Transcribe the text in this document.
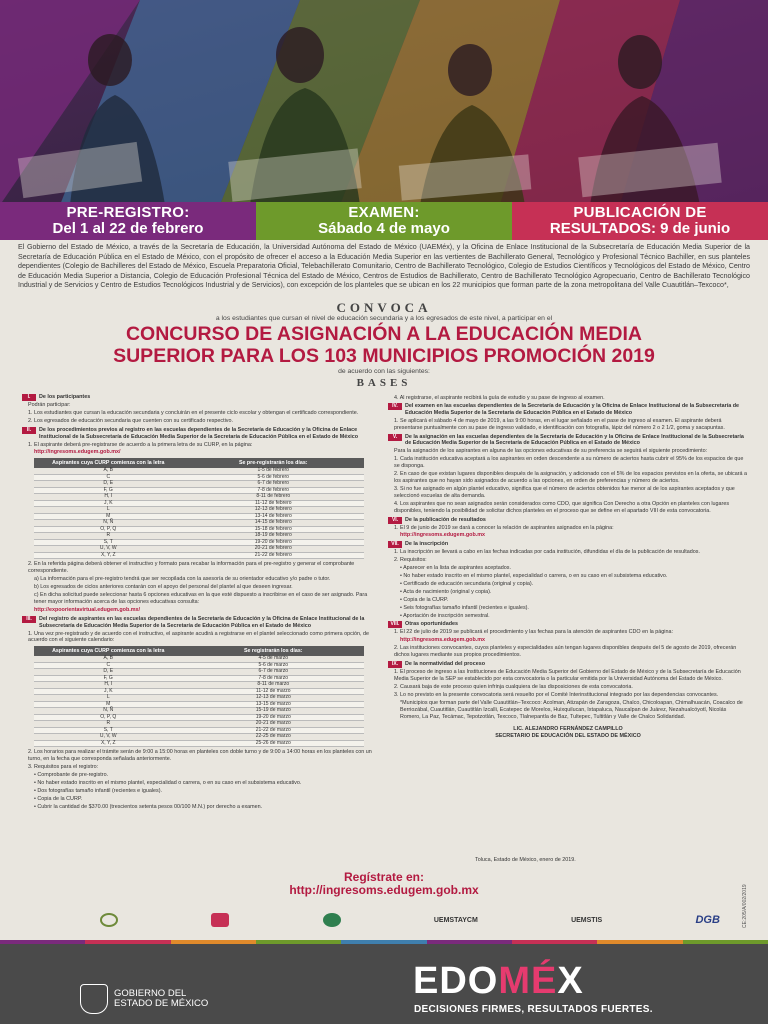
PRE-REGISTRO:
Del 1 al 22 de febrero
EXAMEN:
Sábado 4 de mayo
PUBLICACIÓN DE
RESULTADOS: 9 de junio

El Gobierno del Estado de México, a través de la Secretaría de Educación, la Universidad Autónoma del Estado de México (UAEMéx), y la Oficina de Enlace Institucional de la Subsecretaría de Educación Media Superior de la Secretaría de Educación Pública en el Estado de México, con el propósito de ofrecer el acceso a la Educación Media Superior en las vertientes de Bachillerato General, Tecnológico y Profesional Técnico Bachiller, en sus planteles dependientes (Colegio de Bachilleres del Estado de México, Escuela Preparatoria Oficial, Telebachillerato Comunitario, Centro de Bachillerato Tecnológico, Colegio de Estudios Científicos y Tecnológicos del Estado de México, Centro de Educación Media Superior a Distancia, Colegio de Educación Profesional Técnica del Estado de México, Centros de Estudios de Bachillerato, Centro de Bachillerato Tecnológico Agropecuario, Centro de Bachillerato Tecnológico Industrial y de Servicios y Centro de Estudios Tecnológicos Industrial y de Servicios), con excepción de los planteles que se ubican en los 22 municipios que forman parte de la zona metropolitana del Valle Cuautitlán–Texcoco*,

CONVOCA
a los estudiantes que cursan el nivel de educación secundaria y a los egresados de este nivel, a participar en el
CONCURSO DE ASIGNACIÓN A LA EDUCACIÓN MEDIA
SUPERIOR PARA LOS 103 MUNICIPIOS PROMOCIÓN 2019
de acuerdo con las siguientes:
BASES
I.	De los participantes
Podrán participar:
1. Los estudiantes que cursan la educación secundaria y concluirán en el presente ciclo escolar y obtengan el certificado correspondiente.
2. Los egresados de educación secundaria que cuenten con su certificado respectivo.
II.	De los procedimientos previos al registro en las escuelas dependientes de la Secretaría de Educación y la Oficina de Enlace Institucional de la Subsecretaría de Educación Media Superior de la Secretaría de Educación Pública en el Estado de México
1. El aspirante deberá pre-registrarse de acuerdo a la primera letra de su CURP, en la página:
http://ingresoms.edugem.gob.mx/
Aspirantes cuya CURP comienza con la letra	Se pre-registrarán los días:
A, B	1-5 de febrero
C	5-6 de febrero
D, E	6-7 de febrero
F, G	7-8 de febrero
H, I	8-11 de febrero
J, K	11-12 de febrero
L	12-13 de febrero
M	13-14 de febrero
N, Ñ	14-15 de febrero
O, P, Q	15-18 de febrero
R	18-19 de febrero
S, T	19-20 de febrero
U, V, W	20-21 de febrero
X, Y, Z	21-22 de febrero
2. En la referida página deberá obtener el instructivo y formato para recabar la información para el pre-registro y generar el comprobante correspondiente.
a) La información para el pre-registro tendrá que ser recopilada con la asesoría de su orientador educativo y/o padre o tutor.
b) Los egresados de ciclos anteriores contarán con el apoyo del personal del plantel al que deseen ingresar.
c) En dicha solicitud puede seleccionar hasta 6 opciones educativas en la que esté dispuesto a inscribirse en el caso de ser asignado. Para tener mayor información acerca de las opciones educativas consulta:
http://expoorientavirtual.edugem.gob.mx/
III.	Del registro de aspirantes en las escuelas dependientes de la Secretaría de Educación y la Oficina de Enlace Institucional de la Subsecretaría de Educación Media Superior de la Secretaría de Educación Pública en el Estado de México
1. Una vez pre-registrado y de acuerdo con el instructivo, el aspirante acudirá a registrarse en el plantel seleccionado como primera opción, de acuerdo con el siguiente calendario:
Aspirantes cuya CURP comienza con la letra	Se registrarán los días:
A, B	4-5 de marzo
C	5-6 de marzo
D, E	6-7 de marzo
F, G	7-8 de marzo
H, I	8-11 de marzo
J, K	11-12 de marzo
L	12-13 de marzo
M	13-15 de marzo
N, Ñ	15-19 de marzo
O, P, Q	19-20 de marzo
R	20-21 de marzo
S, T	21-22 de marzo
U, V, W	22-25 de marzo
X, Y, Z	25-26 de marzo
2. Los horarios para realizar el trámite serán de 9:00 a 15:00 horas en planteles con doble turno y de 9:00 a 14:00 horas en los planteles con un turno, en la fecha que corresponda señalada anteriormente.
3. Requisitos para el registro:
• Comprobante de pre-registro.
• No haber estado inscrito en el mismo plantel, especialidad o carrera, o en su caso en el subsistema educativo.
• Dos fotografías tamaño infantil (recientes e iguales).
• Copia de la CURP.
• Cubrir la cantidad de $370.00 (trescientos setenta pesos 00/100 M.N.) por derecho a examen.
4. Al registrarse, el aspirante recibirá la guía de estudio y su pase de ingreso al examen.
IV.	Del examen en las escuelas dependientes de la Secretaría de Educación y la Oficina de Enlace Institucional de la Subsecretaría de Educación Media Superior de la Secretaría de Educación Pública en el Estado de México
1. Se aplicará el sábado 4 de mayo de 2019, a las 9:00 horas, en el lugar señalado en el pase de ingreso al examen. El aspirante deberá presentarse puntualmente con su pase de ingreso validado, e identificación con fotografía, lápiz del número 2 o 2 1/2, goma y sacapuntas.
V.	De la asignación en las escuelas dependientes de la Secretaría de Educación y la Oficina de Enlace Institucional de la Subsecretaría de Educación Media Superior de la Secretaría de Educación Pública en el Estado de México
Para la asignación de los aspirantes en alguna de las opciones educativas de su preferencia se seguirá el siguiente procedimiento:
1. Cada institución educativa aceptará a los aspirantes en orden descendente a su número de aciertos hasta cubrir el 95% de los espacios de que se disponga.
2. En caso de que existan lugares disponibles después de la asignación, y adicionado con el 5% de los espacios previstos en la oferta, se ubicará a los aspirantes que no hayan sido asignados de acuerdo a las opciones, en orden de preferencias y número de aciertos.
3. Si no fue asignado en algún plantel educativo, significa que el número de aciertos obtenidos fue menor al de los aspirantes aceptados y que seleccionó escuelas de alta demanda.
4. Los aspirantes que no sean asignados serán considerados como CDO, que significa Con Derecho a otra Opción en planteles con lugares disponibles, teniendo la posibilidad de solicitar dichos planteles en el proceso que se define en el apartado VIII de esta convocatoria.
VI.	De la publicación de resultados
1. El 9 de junio de 2019 se dará a conocer la relación de aspirantes asignados en la página:
http://ingresoms.edugem.gob.mx
VII.	De la inscripción
1. La inscripción se llevará a cabo en las fechas indicadas por cada institución, difundidas el día de la publicación de resultados.
2. Requisitos:
• Aparecer en la lista de aspirantes aceptados.
• No haber estado inscrito en el mismo plantel, especialidad o carrera, o en su caso en el subsistema educativo.
• Certificado de educación secundaria (original y copia).
• Acta de nacimiento (original y copia).
• Copia de la CURP.
• Seis fotografías tamaño infantil (recientes e iguales).
• Aportación de inscripción semestral.
VIII.	Otras oportunidades
1. El 22 de julio de 2019 se publicará el procedimiento y las fechas para la atención de aspirantes CDO en la página:
http://ingresoms.edugem.gob.mx
2. Las instituciones convocantes, cuyos planteles y especialidades aún tengan lugares disponibles después del 5 de agosto de 2019, ofrecerán dichos lugares mediante sus propios procedimientos.
IX.	De la normatividad del proceso
1. El proceso de ingreso a las Instituciones de Educación Media Superior del Gobierno del Estado de México y de la Subsecretaría de Educación Media Superior de la SEP se establecido por esta convocatoria o la particular emitida por la Universidad Autónoma del Estado de México.
2. Causará baja de este proceso quien infrinja cualquiera de las disposiciones de esta convocatoria.
3. Lo no previsto en la presente convocatoria será resuelto por el Comité Interinstitucional integrado por las dependencias convocantes.
*Municipios que forman parte del Valle Cuautitlán–Texcoco: Acolman, Atizapán de Zaragoza, Chalco, Chicoloapan, Chimalhuacán, Coacalco de Berriozábal, Cuautitlán, Cuautitlán Izcalli, Ecatepec de Morelos, Huixquilucan, Ixtapaluca, Naucalpan de Juárez, Nezahualcóyotl, Nicolás Romero, La Paz, Tecámac, Tepotzotlán, Texcoco, Tlalnepantla de Baz, Tultepec, Tultitlán y Valle de Chalco Solidaridad.
LIC. ALEJANDRO FERNÁNDEZ CAMPILLO
SECRETARIO DE EDUCACIÓN DEL ESTADO DE MÉXICO
Toluca, Estado de México, enero de 2019.
Regístrate en:
http://ingresoms.edugem.gob.mx	CE:205/A/002/2019
UEMSTAYCM	UEMSTIS	DGB
GOBIERNO DEL
ESTADO DE MÉXICO
EDOMÉX
DECISIONES FIRMES, RESULTADOS FUERTES.
